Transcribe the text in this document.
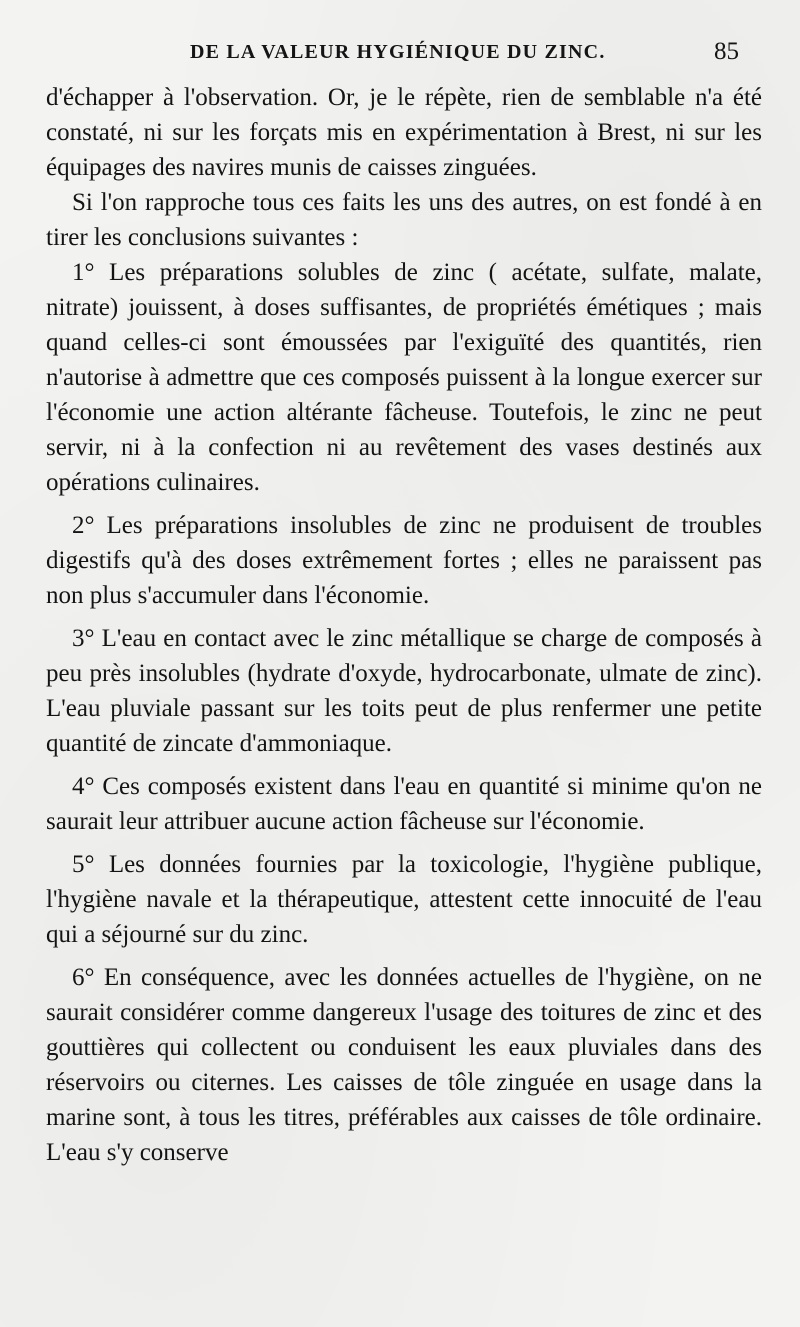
DE LA VALEUR HYGIÉNIQUE DU ZINC.	85

d'échapper à l'observation. Or, je le répète, rien de semblable n'a été constaté, ni sur les forçats mis en expérimentation à Brest, ni sur les équipages des navires munis de caisses zinguées.

Si l'on rapproche tous ces faits les uns des autres, on est fondé à en tirer les conclusions suivantes :

1° Les préparations solubles de zinc ( acétate, sulfate, malate, nitrate) jouissent, à doses suffisantes, de propriétés émétiques ; mais quand celles-ci sont émoussées par l'exiguïté des quantités, rien n'autorise à admettre que ces composés puissent à la longue exercer sur l'économie une action altérante fâcheuse. Toutefois, le zinc ne peut servir, ni à la confection ni au revêtement des vases destinés aux opérations culinaires.

2° Les préparations insolubles de zinc ne produisent de troubles digestifs qu'à des doses extrêmement fortes ; elles ne paraissent pas non plus s'accumuler dans l'économie.

3° L'eau en contact avec le zinc métallique se charge de composés à peu près insolubles (hydrate d'oxyde, hydrocarbonate, ulmate de zinc). L'eau pluviale passant sur les toits peut de plus renfermer une petite quantité de zincate d'ammoniaque.

4° Ces composés existent dans l'eau en quantité si minime qu'on ne saurait leur attribuer aucune action fâcheuse sur l'économie.

5° Les données fournies par la toxicologie, l'hygiène publique, l'hygiène navale et la thérapeutique, attestent cette innocuité de l'eau qui a séjourné sur du zinc.

6° En conséquence, avec les données actuelles de l'hygiène, on ne saurait considérer comme dangereux l'usage des toitures de zinc et des gouttières qui collectent ou conduisent les eaux pluviales dans des réservoirs ou citernes. Les caisses de tôle zinguée en usage dans la marine sont, à tous les titres, préférables aux caisses de tôle ordinaire. L'eau s'y conserve
